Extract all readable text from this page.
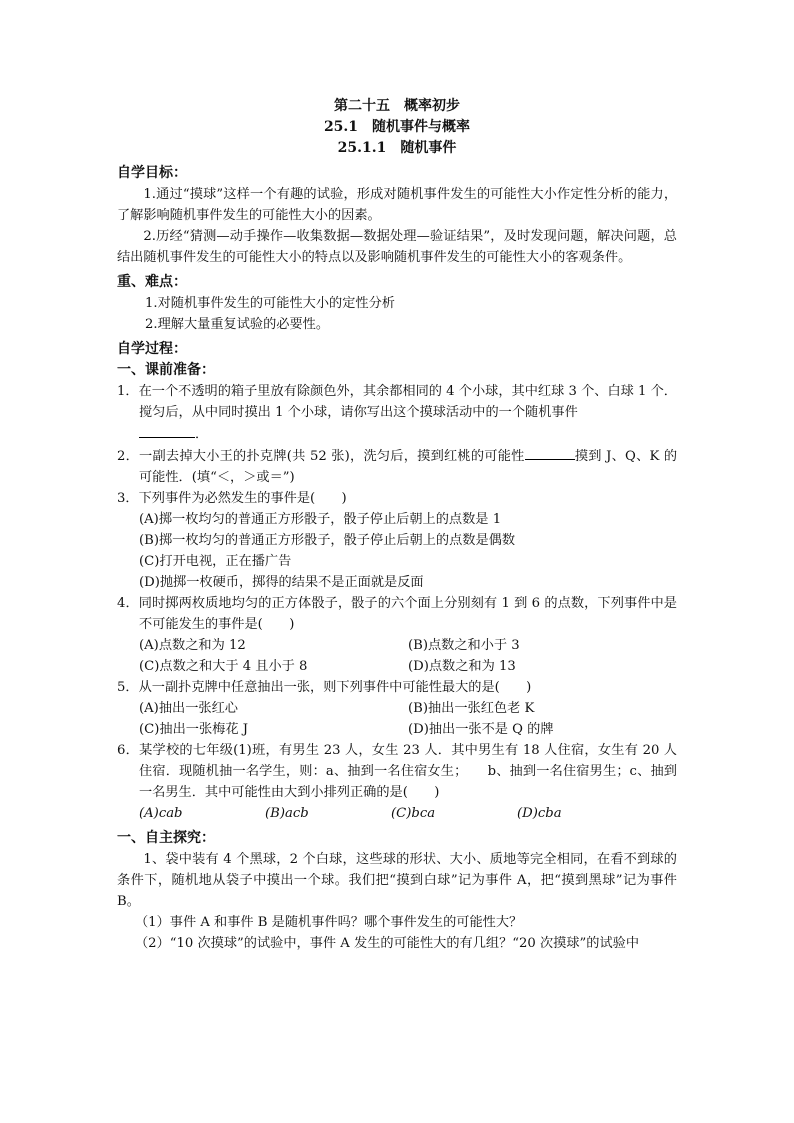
第二十五　概率初步
25.1　随机事件与概率
25.1.1　随机事件
自学目标：
1.通过“摸球”这样一个有趣的试验，形成对随机事件发生的可能性大小作定性分析的能力，了解影响随机事件发生的可能性大小的因素。
2.历经“猜测—动手操作—收集数据—数据处理—验证结果”，及时发现问题，解决问题，总结出随机事件发生的可能性大小的特点以及影响随机事件发生的可能性大小的客观条件。
重、难点：
1.对随机事件发生的可能性大小的定性分析
2.理解大量重复试验的必要性。
自学过程：
一、课前准备：
1．在一个不透明的箱子里放有除颜色外，其余都相同的 4 个小球，其中红球 3 个、白球 1 个．搅匀后，从中同时摸出 1 个小球，请你写出这个摸球活动中的一个随机事件
．
2．一副去掉大小王的扑克牌(共 52 张)，洗匀后，摸到红桃的可能性	摸到 J、Q、K 的可能性．(填“＜，＞或＝”)
3．下列事件为必然发生的事件是(　　)
(A)掷一枚均匀的普通正方形骰子，骰子停止后朝上的点数是 1
(B)掷一枚均匀的普通正方形骰子，骰子停止后朝上的点数是偶数
(C)打开电视，正在播广告
(D)抛掷一枚硬币，掷得的结果不是正面就是反面
4．同时掷两枚质地均匀的正方体骰子，骰子的六个面上分别刻有 1 到 6 的点数，下列事件中是不可能发生的事件是(　　)
(A)点数之和为 12	(B)点数之和小于 3
(C)点数之和大于 4 且小于 8	(D)点数之和为 13
5．从一副扑克牌中任意抽出一张，则下列事件中可能性最大的是(　　)
(A)抽出一张红心	(B)抽出一张红色老 K
(C)抽出一张梅花 J	(D)抽出一张不是 Q 的牌
6．某学校的七年级(1)班，有男生 23 人，女生 23 人．其中男生有 18 人住宿，女生有 20 人住宿．现随机抽一名学生，则：a、抽到一名住宿女生；　　b、抽到一名住宿男生；c、抽到一名男生．其中可能性由大到小排列正确的是(　　)
(A)cab	(B)acb	(C)bca	(D)cba
一、自主探究：
1、袋中装有 4 个黑球，2 个白球，这些球的形状、大小、质地等完全相同，在看不到球的条件下，随机地从袋子中摸出一个球。我们把“摸到白球”记为事件 A，把“摸到黑球”记为事件 B。
（1）事件 A 和事件 B 是随机事件吗？哪个事件发生的可能性大？
（2）“10 次摸球”的试验中，事件 A 发生的可能性大的有几组？“20 次摸球”的试验中
